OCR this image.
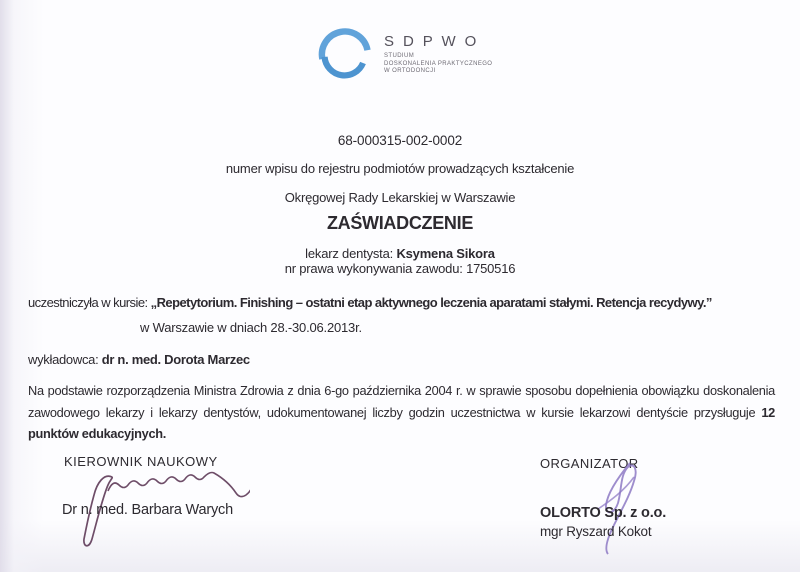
S D P W O
STUDIUM
DOSKONALENIA PRAKTYCZNEGO
W ORTODONCJI
68-000315-002-0002
numer wpisu do rejestru podmiotów prowadzących kształcenie
Okręgowej Rady Lekarskiej w Warszawie
ZAŚWIADCZENIE
lekarz dentysta: Ksymena Sikora
nr prawa wykonywania zawodu: 1750516
uczestniczyła w kursie: „Repetytorium. Finishing – ostatni etap aktywnego leczenia aparatami stałymi. Retencja recydywy.”
w Warszawie w dniach 28.-30.06.2013r.
wykładowca: dr n. med. Dorota Marzec
Na podstawie rozporządzenia Ministra Zdrowia z dnia 6-go października 2004 r. w sprawie sposobu dopełnienia obowiązku doskonalenia zawodowego lekarzy i lekarzy dentystów, udokumentowanej liczby godzin uczestnictwa w kursie lekarzowi dentyście przysługuje 12 punktów edukacyjnych.
KIEROWNIK NAUKOWY
Dr n. med. Barbara Warych
ORGANIZATOR
OLORTO Sp. z o.o.
mgr Ryszard Kokot
